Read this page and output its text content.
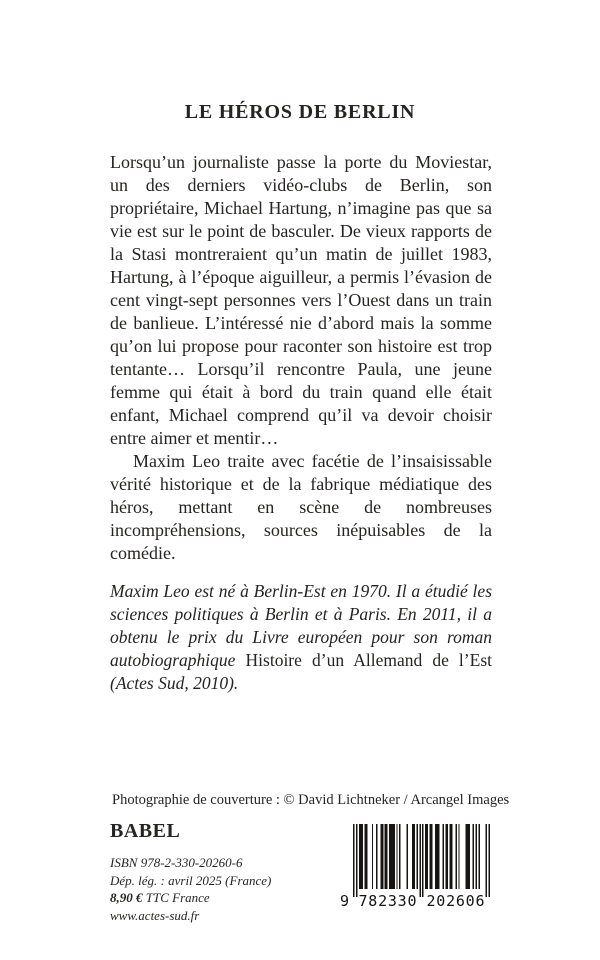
LE HÉROS DE BERLIN

Lorsqu’un journaliste passe la porte du Moviestar, un des derniers vidéo-clubs de Berlin, son propriétaire, Michael Hartung, n’imagine pas que sa vie est sur le point de basculer. De vieux rapports de la Stasi montreraient qu’un matin de juillet 1983, Hartung, à l’époque aiguilleur, a permis l’évasion de cent vingt-sept personnes vers l’Ouest dans un train de banlieue. L’intéressé nie d’abord mais la somme qu’on lui propose pour raconter son histoire est trop tentante… Lorsqu’il rencontre Paula, une jeune femme qui était à bord du train quand elle était enfant, Michael comprend qu’il va devoir choisir entre aimer et mentir…

Maxim Leo traite avec facétie de l’insaisissable vérité historique et de la fabrique médiatique des héros, mettant en scène de nombreuses incompréhensions, sources inépuisables de la comédie.

Maxim Leo est né à Berlin-Est en 1970. Il a étudié les sciences politiques à Berlin et à Paris. En 2011, il a obtenu le prix du Livre européen pour son roman autobiographique Histoire d’un Allemand de l’Est (Actes Sud, 2010).

Photographie de couverture : © David Lichtneker / Arcangel Images
BABEL
ISBN 978-2-330-20260-6
Dép. lég. : avril 2025 (France)
8,90 € TTC France
www.actes-sud.fr
9 782330 202606
